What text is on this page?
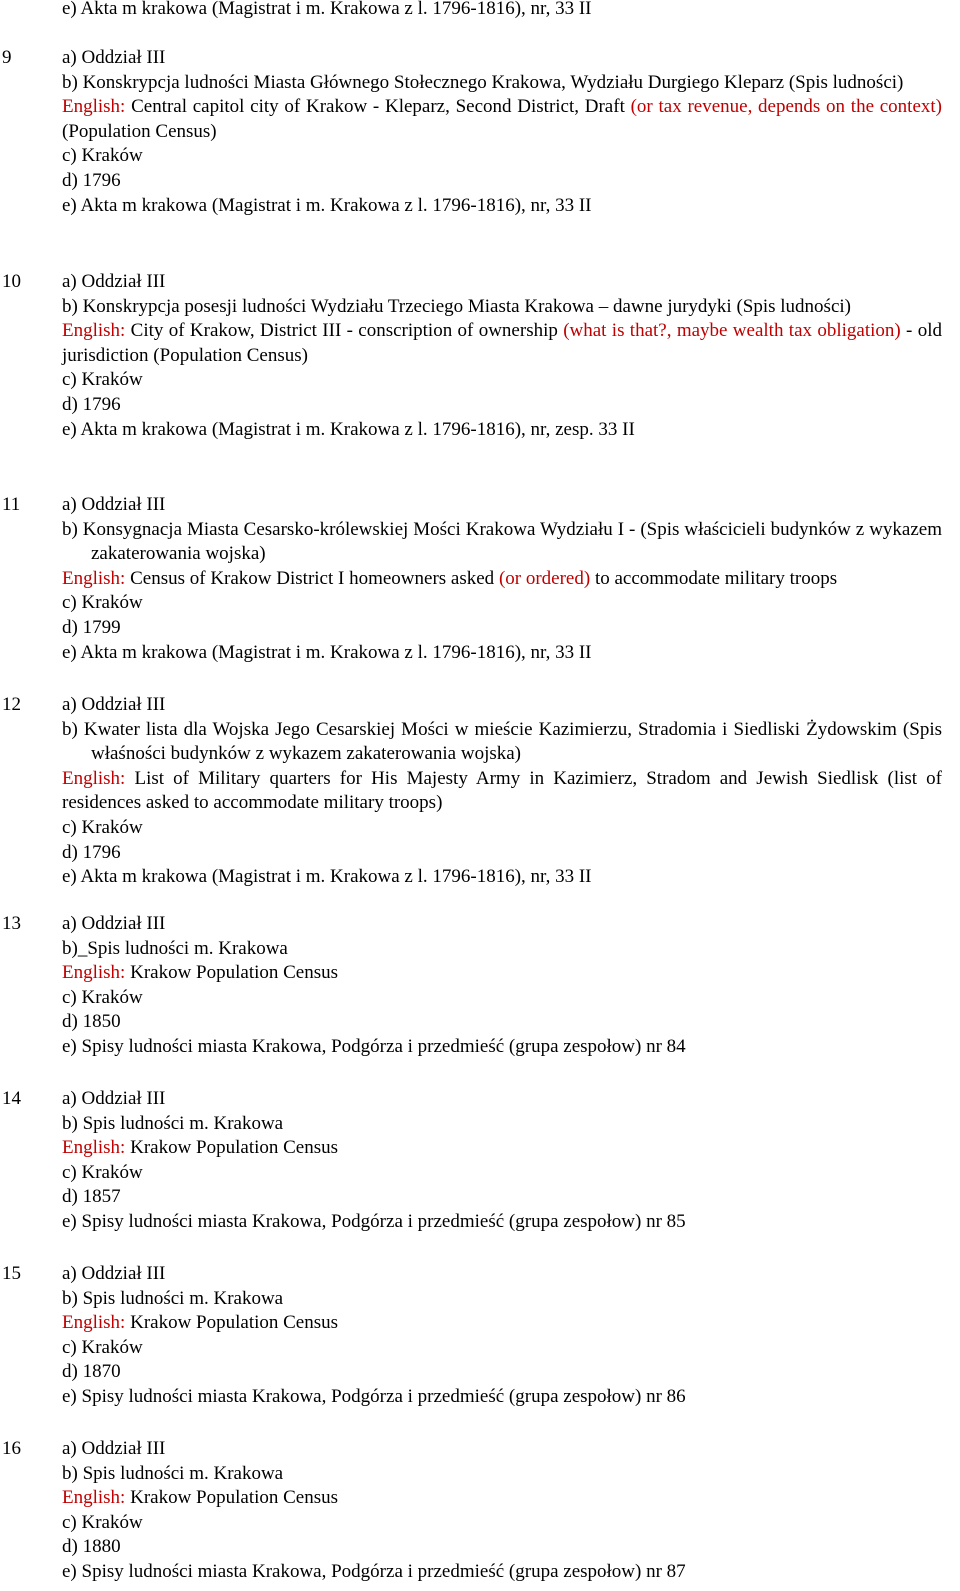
e) Akta m krakowa (Magistrat i m. Krakowa z l. 1796-1816), nr, 33 II
9	a) Oddział III
b) Konskrypcja ludności Miasta Głównego Stołecznego Krakowa, Wydziału Durgiego Kleparz (Spis ludności)
English: Central capitol city of Krakow - Kleparz, Second District, Draft (or tax revenue, depends on the context) (Population Census)
c) Kraków
d) 1796
e) Akta m krakowa (Magistrat i m. Krakowa z l. 1796-1816), nr, 33 II
10	a) Oddział III
b) Konskrypcja posesji ludności Wydziału Trzeciego Miasta Krakowa – dawne jurydyki (Spis ludności)
English: City of Krakow, District III - conscription of ownership (what is that?, maybe wealth tax obligation) - old jurisdiction (Population Census)
c) Kraków
d) 1796
e) Akta m krakowa (Magistrat i m. Krakowa z l. 1796-1816), nr, zesp. 33 II
11	a) Oddział III
b) Konsygnacja Miasta Cesarsko-królewskiej Mości Krakowa Wydziału I - (Spis właścicieli budynków z wykazem zakaterowania wojska)
English: Census of Krakow District I homeowners asked (or ordered) to accommodate military troops
c) Kraków
d) 1799
e) Akta m krakowa (Magistrat i m. Krakowa z l. 1796-1816), nr, 33 II
12	a) Oddział III
b) Kwater lista dla Wojska Jego Cesarskiej Mości w mieście Kazimierzu, Stradomia i Siedliski Żydowskim (Spis właśności budynków z wykazem zakaterowania wojska)
English: List of Military quarters for His Majesty Army in Kazimierz, Stradom and Jewish Siedlisk (list of residences asked to accommodate military troops)
c) Kraków
d) 1796
e) Akta m krakowa (Magistrat i m. Krakowa z l. 1796-1816), nr, 33 II
13	a) Oddział III
b)_Spis ludności m. Krakowa
English: Krakow Population Census
c) Kraków
d) 1850
e) Spisy ludności miasta Krakowa, Podgórza i przedmieść (grupa zespołow) nr 84
14	a) Oddział III
b) Spis ludności m. Krakowa
English: Krakow Population Census
c) Kraków
d) 1857
e) Spisy ludności miasta Krakowa, Podgórza i przedmieść (grupa zespołow) nr 85
15	a) Oddział III
b) Spis ludności m. Krakowa
English: Krakow Population Census
c) Kraków
d) 1870
e) Spisy ludności miasta Krakowa, Podgórza i przedmieść (grupa zespołow) nr 86
16	a) Oddział III
b) Spis ludności m. Krakowa
English: Krakow Population Census
c) Kraków
d) 1880
e) Spisy ludności miasta Krakowa, Podgórza i przedmieść (grupa zespołow) nr 87
